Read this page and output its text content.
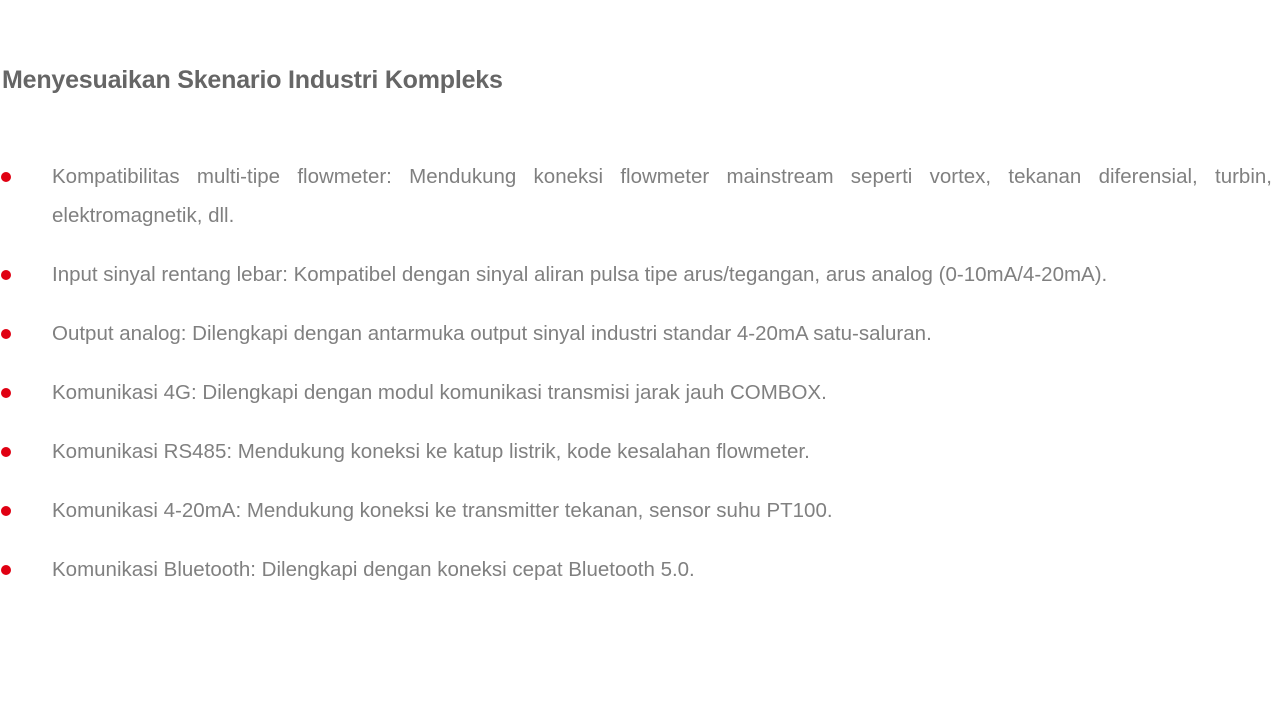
Menyesuaikan Skenario Industri Kompleks
Kompatibilitas multi-tipe flowmeter: Mendukung koneksi flowmeter mainstream seperti vortex, tekanan diferensial, turbin, elektromagnetik, dll.
Input sinyal rentang lebar: Kompatibel dengan sinyal aliran pulsa tipe arus/tegangan, arus analog (0-10mA/4-20mA).
Output analog: Dilengkapi dengan antarmuka output sinyal industri standar 4-20mA satu-saluran.
Komunikasi 4G: Dilengkapi dengan modul komunikasi transmisi jarak jauh COMBOX.
Komunikasi RS485: Mendukung koneksi ke katup listrik, kode kesalahan flowmeter.
Komunikasi 4-20mA: Mendukung koneksi ke transmitter tekanan, sensor suhu PT100.
Komunikasi Bluetooth: Dilengkapi dengan koneksi cepat Bluetooth 5.0.
